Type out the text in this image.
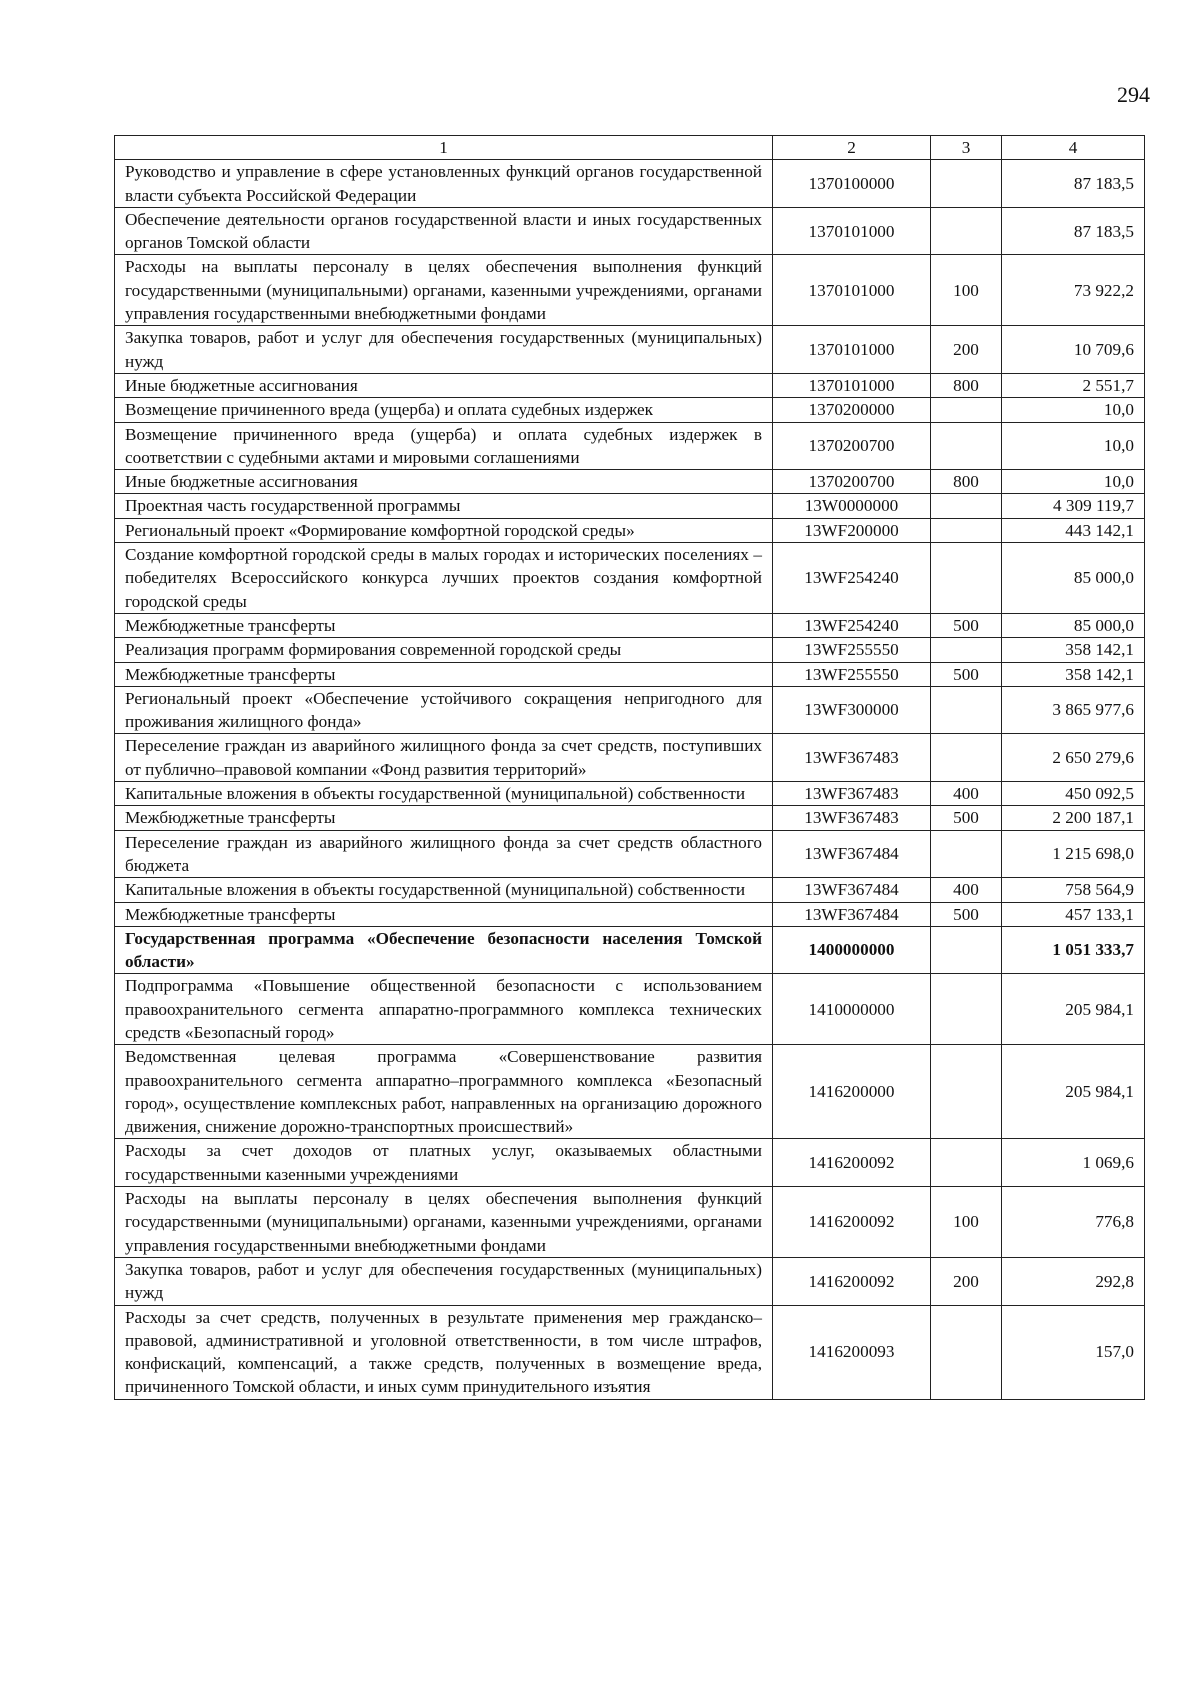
294
1	2	3	4
Руководство и управление в сфере установленных функций органов государственной власти субъекта Российской Федерации	1370100000		87 183,5
Обеспечение деятельности органов государственной власти и иных государственных органов Томской области	1370101000		87 183,5
Расходы на выплаты персоналу в целях обеспечения выполнения функций государственными (муниципальными) органами, казенными учреждениями, органами управления государственными внебюджетными фондами	1370101000	100	73 922,2
Закупка товаров, работ и услуг для обеспечения государственных (муниципальных) нужд	1370101000	200	10 709,6
Иные бюджетные ассигнования	1370101000	800	2 551,7
Возмещение причиненного вреда (ущерба) и оплата судебных издержек	1370200000		10,0
Возмещение причиненного вреда (ущерба) и оплата судебных издержек в соответствии с судебными актами и мировыми соглашениями	1370200700		10,0
Иные бюджетные ассигнования	1370200700	800	10,0
Проектная часть государственной программы	13W0000000		4 309 119,7
Региональный проект «Формирование комфортной городской среды»	13WF200000		443 142,1
Создание комфортной городской среды в малых городах и исторических поселениях – победителях Всероссийского конкурса лучших проектов создания комфортной городской среды	13WF254240		85 000,0
Межбюджетные трансферты	13WF254240	500	85 000,0
Реализация программ формирования современной городской среды	13WF255550		358 142,1
Межбюджетные трансферты	13WF255550	500	358 142,1
Региональный проект «Обеспечение устойчивого сокращения непригодного для проживания жилищного фонда»	13WF300000		3 865 977,6
Переселение граждан из аварийного жилищного фонда за счет средств, поступивших от публично–правовой компании «Фонд развития территорий»	13WF367483		2 650 279,6
Капитальные вложения в объекты государственной (муниципальной) собственности	13WF367483	400	450 092,5
Межбюджетные трансферты	13WF367483	500	2 200 187,1
Переселение граждан из аварийного жилищного фонда за счет средств областного бюджета	13WF367484		1 215 698,0
Капитальные вложения в объекты государственной (муниципальной) собственности	13WF367484	400	758 564,9
Межбюджетные трансферты	13WF367484	500	457 133,1
Государственная программа «Обеспечение безопасности населения Томской области»	1400000000		1 051 333,7
Подпрограмма «Повышение общественной безопасности с использованием правоохранительного сегмента аппаратно-программного комплекса технических средств «Безопасный город»	1410000000		205 984,1
Ведомственная целевая программа «Совершенствование развития правоохранительного сегмента аппаратно–программного комплекса «Безопасный город», осуществление комплексных работ, направленных на организацию дорожного движения, снижение дорожно-транспортных происшествий»	1416200000		205 984,1
Расходы за счет доходов от платных услуг, оказываемых областными государственными казенными учреждениями	1416200092		1 069,6
Расходы на выплаты персоналу в целях обеспечения выполнения функций государственными (муниципальными) органами, казенными учреждениями, органами управления государственными внебюджетными фондами	1416200092	100	776,8
Закупка товаров, работ и услуг для обеспечения государственных (муниципальных) нужд	1416200092	200	292,8
Расходы за счет средств, полученных в результате применения мер гражданско–правовой, административной и уголовной ответственности, в том числе штрафов, конфискаций, компенсаций, а также средств, полученных в возмещение вреда, причиненного Томской области, и иных сумм принудительного изъятия	1416200093		157,0
